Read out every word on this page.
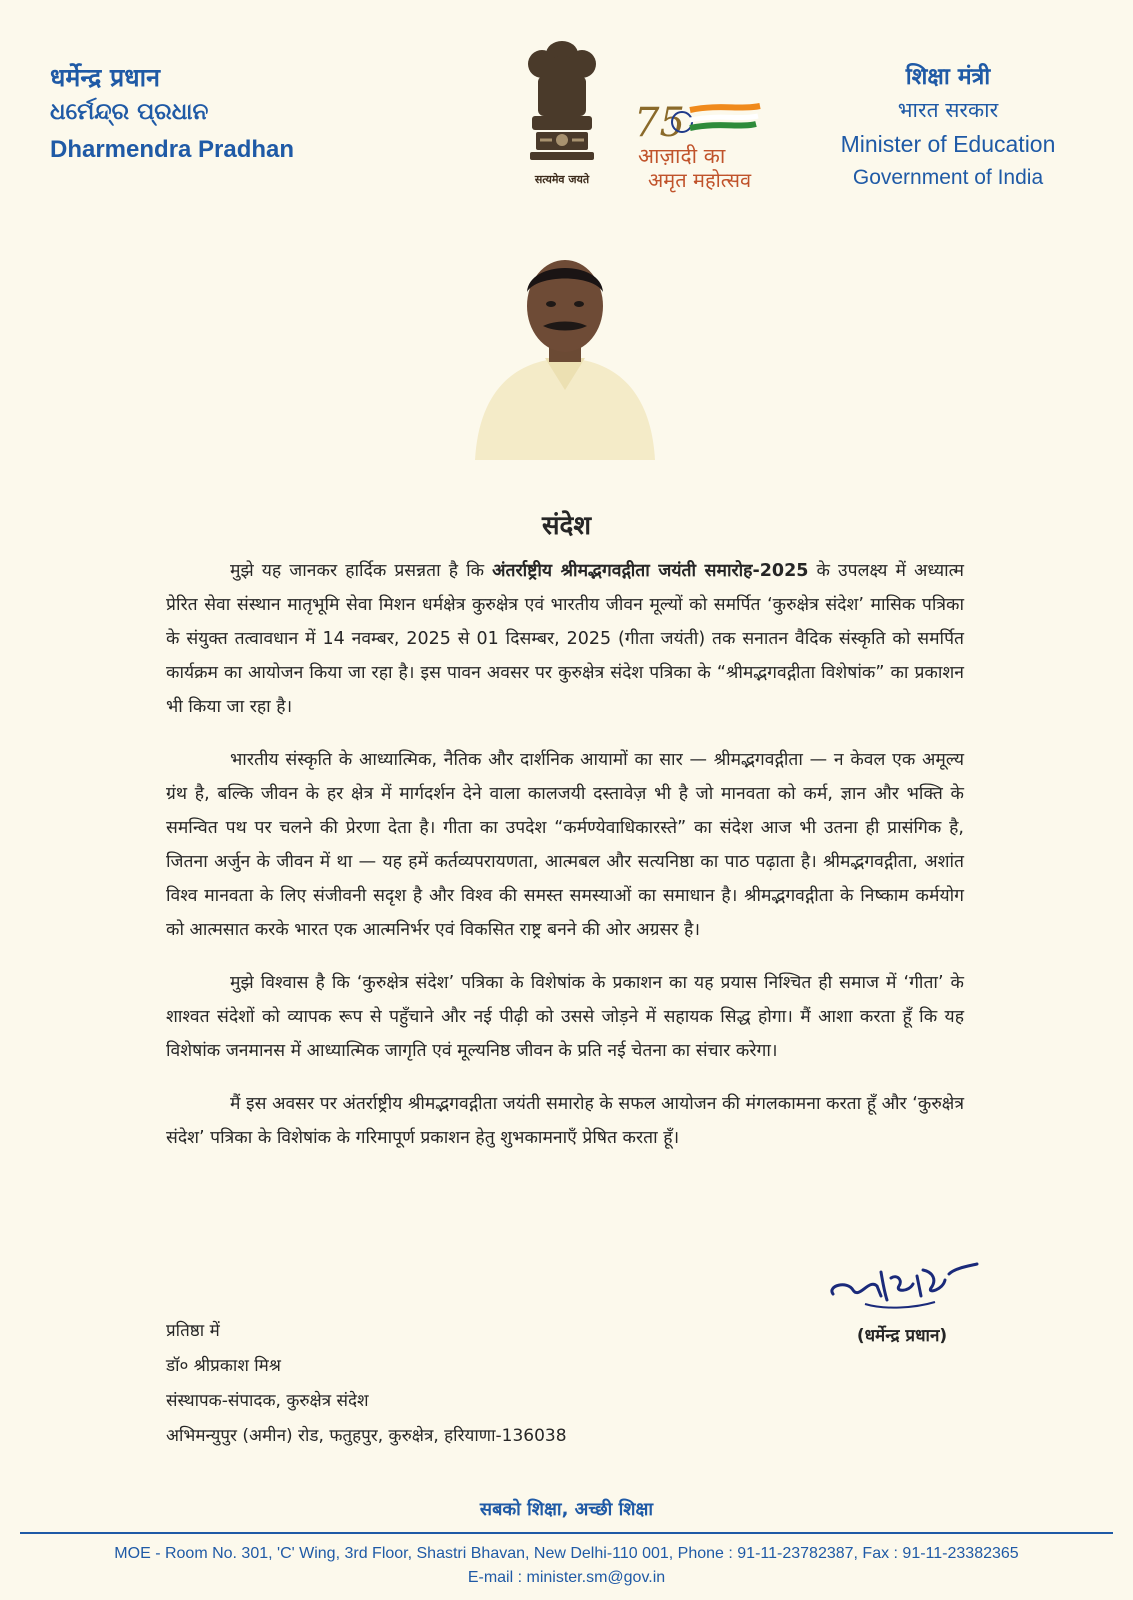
धर्मेन्द्र प्रधान
ଧର୍ମେନ୍ଦ୍ର ପ୍ରଧାନ
Dharmendra Pradhan
सत्यमेव जयते
75
आज़ादी का
अमृत महोत्सव
शिक्षा मंत्री
भारत सरकार
Minister of Education
Government of India
संदेश

मुझे यह जानकर हार्दिक प्रसन्नता है कि अंतर्राष्ट्रीय श्रीमद्भगवद्गीता जयंती समारोह-2025 के उपलक्ष्य में अध्यात्म प्रेरित सेवा संस्थान मातृभूमि सेवा मिशन धर्मक्षेत्र कुरुक्षेत्र एवं भारतीय जीवन मूल्यों को समर्पित ‘कुरुक्षेत्र संदेश’ मासिक पत्रिका के संयुक्त तत्वावधान में 14 नवम्बर, 2025 से 01 दिसम्बर, 2025 (गीता जयंती) तक सनातन वैदिक संस्कृति को समर्पित कार्यक्रम का आयोजन किया जा रहा है। इस पावन अवसर पर कुरुक्षेत्र संदेश पत्रिका के “श्रीमद्भगवद्गीता विशेषांक” का प्रकाशन भी किया जा रहा है।

भारतीय संस्कृति के आध्यात्मिक, नैतिक और दार्शनिक आयामों का सार — श्रीमद्भगवद्गीता — न केवल एक अमूल्य ग्रंथ है, बल्कि जीवन के हर क्षेत्र में मार्गदर्शन देने वाला कालजयी दस्तावेज़ भी है जो मानवता को कर्म, ज्ञान और भक्ति के समन्वित पथ पर चलने की प्रेरणा देता है। गीता का उपदेश “कर्मण्येवाधिकारस्ते” का संदेश आज भी उतना ही प्रासंगिक है, जितना अर्जुन के जीवन में था — यह हमें कर्तव्यपरायणता, आत्मबल और सत्यनिष्ठा का पाठ पढ़ाता है। श्रीमद्भगवद्गीता, अशांत विश्व मानवता के लिए संजीवनी सदृश है और विश्व की समस्त समस्याओं का समाधान है। श्रीमद्भगवद्गीता के निष्काम कर्मयोग को आत्मसात करके भारत एक आत्मनिर्भर एवं विकसित राष्ट्र बनने की ओर अग्रसर है।

मुझे विश्वास है कि ‘कुरुक्षेत्र संदेश’ पत्रिका के विशेषांक के प्रकाशन का यह प्रयास निश्चित ही समाज में ‘गीता’ के शाश्वत संदेशों को व्यापक रूप से पहुँचाने और नई पीढ़ी को उससे जोड़ने में सहायक सिद्ध होगा। मैं आशा करता हूँ कि यह विशेषांक जनमानस में आध्यात्मिक जागृति एवं मूल्यनिष्ठ जीवन के प्रति नई चेतना का संचार करेगा।

मैं इस अवसर पर अंतर्राष्ट्रीय श्रीमद्भगवद्गीता जयंती समारोह के सफल आयोजन की मंगलकामना करता हूँ और ‘कुरुक्षेत्र संदेश’ पत्रिका के विशेषांक के गरिमापूर्ण प्रकाशन हेतु शुभकामनाएँ प्रेषित करता हूँ।

(धर्मेन्द्र प्रधान)
प्रतिष्ठा में
डॉ० श्रीप्रकाश मिश्र
संस्थापक-संपादक, कुरुक्षेत्र संदेश
अभिमन्युपुर (अमीन) रोड, फतुहपुर, कुरुक्षेत्र, हरियाणा-136038
सबको शिक्षा, अच्छी शिक्षा
MOE - Room No. 301, 'C' Wing, 3rd Floor, Shastri Bhavan, New Delhi-110 001, Phone : 91-11-23782387, Fax : 91-11-23382365
E-mail : minister.sm@gov.in
